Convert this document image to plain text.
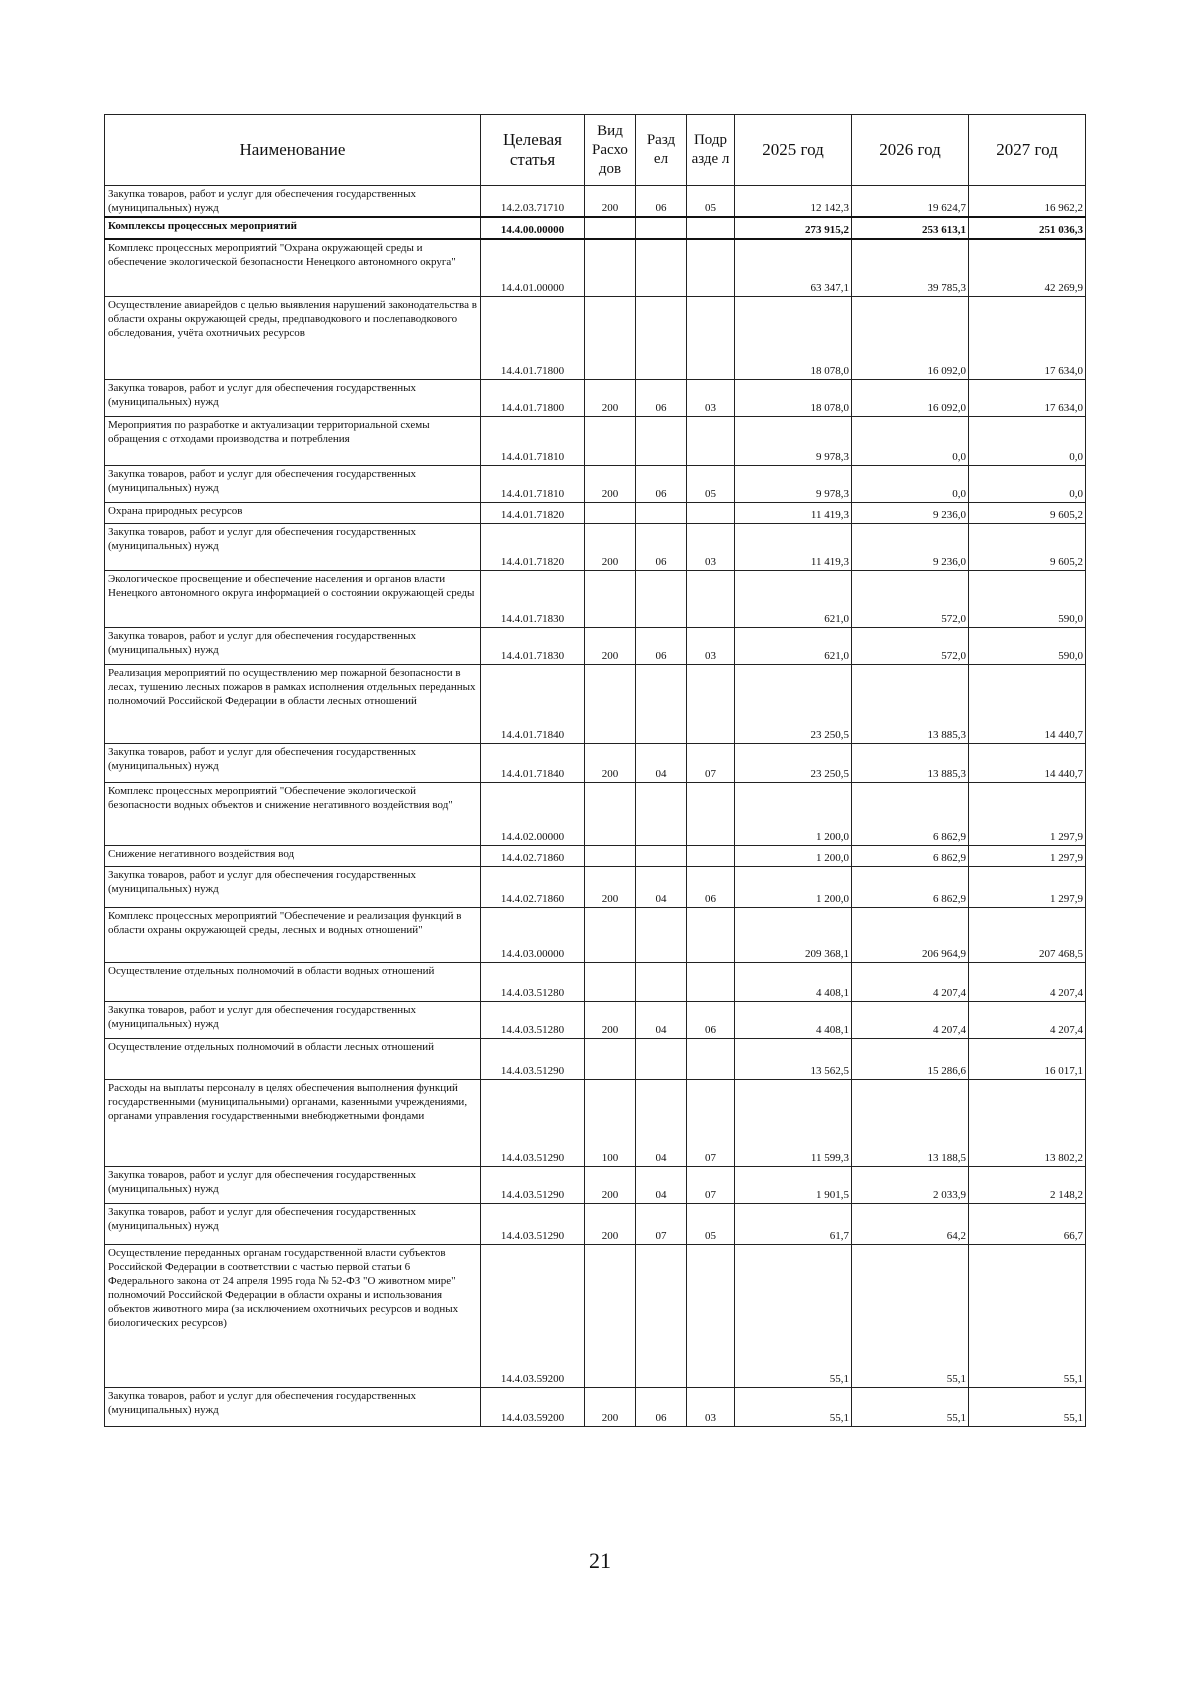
Наименование	Целевая статья	Вид Расхо дов	Разд ел	Подр азде л	2025 год	2026 год	2027 год
Закупка товаров, работ и услуг для обеспечения государственных (муниципальных) нужд	14.2.03.71710	200	06	05	12 142,3	19 624,7	16 962,2
Комплексы процессных мероприятий	14.4.00.00000				273 915,2	253 613,1	251 036,3
Комплекс процессных мероприятий "Охрана окружающей среды и обеспечение экологической безопасности Ненецкого автономного округа"	14.4.01.00000				63 347,1	39 785,3	42 269,9
Осуществление авиарейдов с целью выявления нарушений законодательства в области охраны окружающей среды, предпаводкового и послепаводкового обследования, учёта охотничьих ресурсов	14.4.01.71800				18 078,0	16 092,0	17 634,0
Закупка товаров, работ и услуг для обеспечения государственных (муниципальных) нужд	14.4.01.71800	200	06	03	18 078,0	16 092,0	17 634,0
Мероприятия по разработке и актуализации территориальной схемы обращения с отходами производства и потребления	14.4.01.71810				9 978,3	0,0	0,0
Закупка товаров, работ и услуг для обеспечения государственных (муниципальных) нужд	14.4.01.71810	200	06	05	9 978,3	0,0	0,0
Охрана природных ресурсов	14.4.01.71820				11 419,3	9 236,0	9 605,2
Закупка товаров, работ и услуг для обеспечения государственных (муниципальных) нужд	14.4.01.71820	200	06	03	11 419,3	9 236,0	9 605,2
Экологическое просвещение и обеспечение населения и органов власти Ненецкого автономного округа информацией о состоянии окружающей среды	14.4.01.71830				621,0	572,0	590,0
Закупка товаров, работ и услуг для обеспечения государственных (муниципальных) нужд	14.4.01.71830	200	06	03	621,0	572,0	590,0
Реализация мероприятий по осуществлению мер пожарной безопасности в лесах, тушению лесных пожаров в рамках исполнения отдельных переданных полномочий Российской Федерации в области лесных отношений	14.4.01.71840				23 250,5	13 885,3	14 440,7
Закупка товаров, работ и услуг для обеспечения государственных (муниципальных) нужд	14.4.01.71840	200	04	07	23 250,5	13 885,3	14 440,7
Комплекс процессных мероприятий "Обеспечение экологической безопасности водных объектов и снижение негативного воздействия вод"	14.4.02.00000				1 200,0	6 862,9	1 297,9
Снижение негативного воздействия вод	14.4.02.71860				1 200,0	6 862,9	1 297,9
Закупка товаров, работ и услуг для обеспечения государственных (муниципальных) нужд	14.4.02.71860	200	04	06	1 200,0	6 862,9	1 297,9
Комплекс процессных мероприятий "Обеспечение и реализация функций в области охраны окружающей среды, лесных и водных отношений"	14.4.03.00000				209 368,1	206 964,9	207 468,5
Осуществление отдельных полномочий в области водных отношений	14.4.03.51280				4 408,1	4 207,4	4 207,4
Закупка товаров, работ и услуг для обеспечения государственных (муниципальных) нужд	14.4.03.51280	200	04	06	4 408,1	4 207,4	4 207,4
Осуществление отдельных полномочий в области лесных отношений	14.4.03.51290				13 562,5	15 286,6	16 017,1
Расходы на выплаты персоналу в целях обеспечения выполнения функций государственными (муниципальными) органами, казенными учреждениями, органами управления государственными внебюджетными фондами	14.4.03.51290	100	04	07	11 599,3	13 188,5	13 802,2
Закупка товаров, работ и услуг для обеспечения государственных (муниципальных) нужд	14.4.03.51290	200	04	07	1 901,5	2 033,9	2 148,2
Закупка товаров, работ и услуг для обеспечения государственных (муниципальных) нужд	14.4.03.51290	200	07	05	61,7	64,2	66,7
Осуществление переданных органам государственной власти субъектов Российской Федерации в соответствии с частью первой статьи 6 Федерального закона от 24 апреля 1995 года № 52-ФЗ "О животном мире" полномочий Российской Федерации в области охраны и использования объектов животного мира (за исключением охотничьих ресурсов и водных биологических ресурсов)	14.4.03.59200				55,1	55,1	55,1
Закупка товаров, работ и услуг для обеспечения государственных (муниципальных) нужд	14.4.03.59200	200	06	03	55,1	55,1	55,1
21
